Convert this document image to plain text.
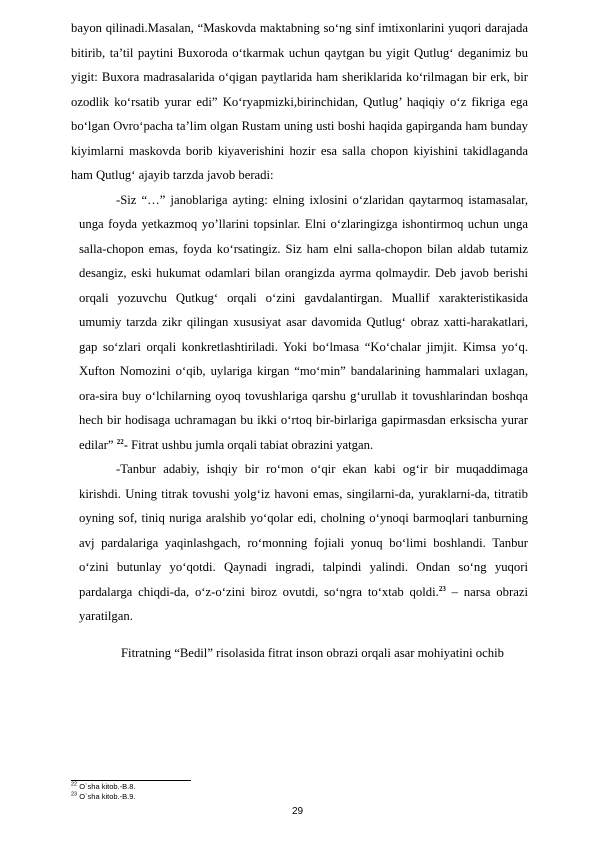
bayon qilinadi.Masalan, “Maskovda maktabning so‘ng sinf imtixonlarini yuqori darajada bitirib, ta’til paytini Buxoroda o‘tkarmak uchun qaytgan bu yigit Qutlug‘ deganimiz bu yigit: Buxora madrasalarida o‘qigan paytlarida ham sheriklarida ko‘rilmagan bir erk, bir ozodlik ko‘rsatib yurar edi” Ko‘ryapmizki,birinchidan, Qutlug’ haqiqiy o‘z fikriga ega bo‘lgan Ovro‘pacha ta’lim olgan Rustam uning usti boshi haqida gapirganda ham bunday kiyimlarni maskovda borib kiyaverishini hozir esa salla chopon kiyishini takidlaganda ham Qutlug‘ ajayib tarzda javob beradi:

-Siz “…” janoblariga ayting: elning ixlosini o‘zlaridan qaytarmoq istamasalar, unga foyda yetkazmoq yo’llarini topsinlar. Elni o‘zlaringizga ishontirmoq uchun unga salla-chopon emas, foyda ko‘rsatingiz. Siz ham elni salla-chopon bilan aldab tutamiz desangiz, eski hukumat odamlari bilan orangizda ayrma qolmaydir. Deb javob berishi orqali yozuvchu Qutkug‘ orqali o‘zini gavdalantirgan. Muallif xarakteristikasida umumiy tarzda zikr qilingan xususiyat asar davomida Qutlug‘ obraz xatti-harakatlari, gap so‘zlari orqali konkretlashtiriladi. Yoki bo‘lmasa “Ko‘chalar jimjit. Kimsa yo‘q. Xufton Nomozini o‘qib, uylariga kirgan “mo‘min” bandalarining hammalari uxlagan, ora-sira buy o‘lchilarning oyoq tovushlariga qarshu g‘urullab it tovushlarindan boshqa hech bir hodisaga uchramagan bu ikki o‘rtoq bir-birlariga gapirmasdan erksischa yurar edilar” $^{22}$- Fitrat ushbu jumla orqali tabiat obrazini yatgan.

-Tanbur adabiy, ishqiy bir ro‘mon o‘qir ekan kabi og‘ir bir muqaddimaga kirishdi. Uning titrak tovushi yolg‘iz havoni emas, singilarni-da, yuraklarni-da, titratib oyning sof, tiniq nuriga aralshib yo‘qolar edi, cholning o‘ynoqi barmoqlari tanburning avj pardalariga yaqinlashgach, ro‘monning fojiali yonuq bo‘limi boshlandi. Tanbur o‘zini butunlay yo‘qotdi. Qaynadi ingradi, talpindi yalindi. Ondan so‘ng yuqori pardalarga chiqdi-da, o‘z-o‘zini biroz ovutdi, so‘ngra to‘xtab qoldi.$^{23}$ – narsa obrazi yaratilgan.

Fitratning “Bedil” risolasida fitrat inson obrazi orqali asar mohiyatini ochib

$^{22}$ O`sha kitob.-B.8.
$^{23}$ O`sha kitob.-B.9.
29
